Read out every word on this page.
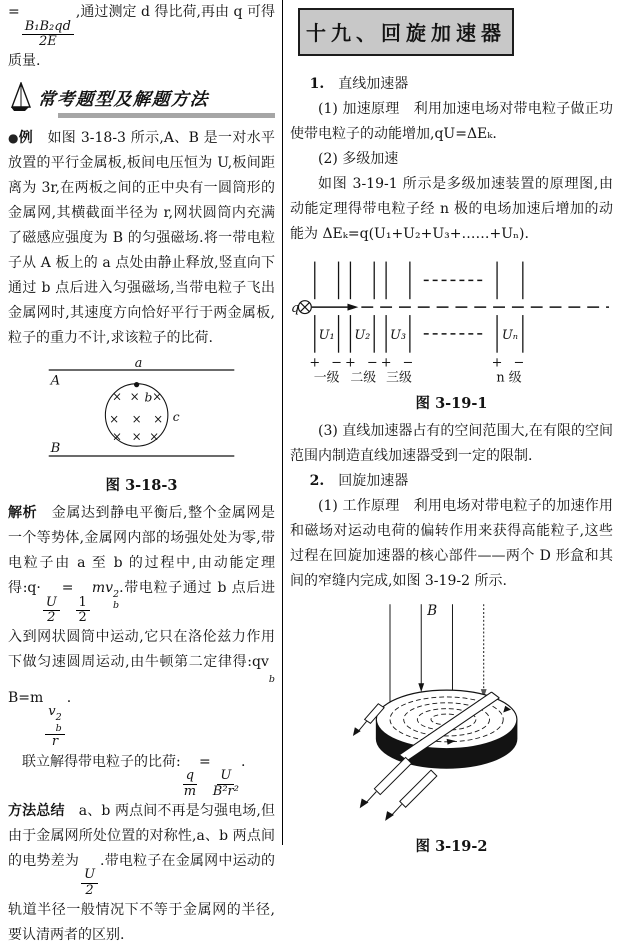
=
$\frac{\text{B₁B₂qd}}{2E}$
,通过测定 d 得比荷,再由 q 可得质量.

常考题型及解题方法

●例　如图 3-18-3 所示,A、B 是一对水平放置的平行金属板,板间电压恒为 U,板间距离为 3r,在两板之间的正中央有一圆筒形的金属网,其横截面半径为 r,网状圆筒内充满了磁感应强度为 B 的匀强磁场.将一带电粒子从 A 板上的 a 点处由静止释放,竖直向下通过 b 点后进入匀强磁场,当带电粒子飞出金属网时,其速度方向恰好平行于两金属板,粒子的重力不计,求该粒子的比荷.

a
A
× × b ×
× × × c
× × ×
B
图 3-18-3

解析　金属达到静电平衡后,整个金属网是一个等势体,金属网内部的场强处处为零,带电粒子由 a 至 b 的过程中,由动能定理得:q·
$\frac{U}{2}$
=
$\frac{1}{2}$
mv 2
b
.带电粒子通过 b 点后进入到网状圆筒中运动,它只在洛伦兹力作用下做匀速圆周运动,由牛顿第二定律得:qv

b
B=m
v 2
b
r
.

　联立解得带电粒子的比荷:
$\frac{q}{m}$
=
$\frac{U}{\text{B²r²}}$
.

方法总结　a、b 两点间不再是匀强电场,但由于金属网所处位置的对称性,a、b 两点间的电势差为
$\frac{U}{2}$
.带电粒子在金属网中运动的轨道半径一般情况下不等于金属网的半径,要认清两者的区别.

十九、回旋加速器

1.　直线加速器

(1) 加速原理　利用加速电场对带电粒子做正功使带电粒子的动能增加,qU=ΔEₖ.

(2) 多级加速

如图 3-19-1 所示是多级加速装置的原理图,由动能定理得带电粒子经 n 极的电场加速后增加的动能为 ΔEₖ=q(U₁+U₂+U₃+……+Uₙ).

q
U₁ U₂ U₃	Uₙ
+ − + − + −	+ −
一级 二级 三级	n 级
图 3-19-1

(3) 直线加速器占有的空间范围大,在有限的空间范围内制造直线加速器受到一定的限制.

2.　回旋加速器

(1) 工作原理　利用电场对带电粒子的加速作用和磁场对运动电荷的偏转作用来获得高能粒子,这些过程在回旋加速器的核心部件——两个 D 形盒和其间的窄缝内完成,如图 3-19-2 所示.

B
图 3-19-2
